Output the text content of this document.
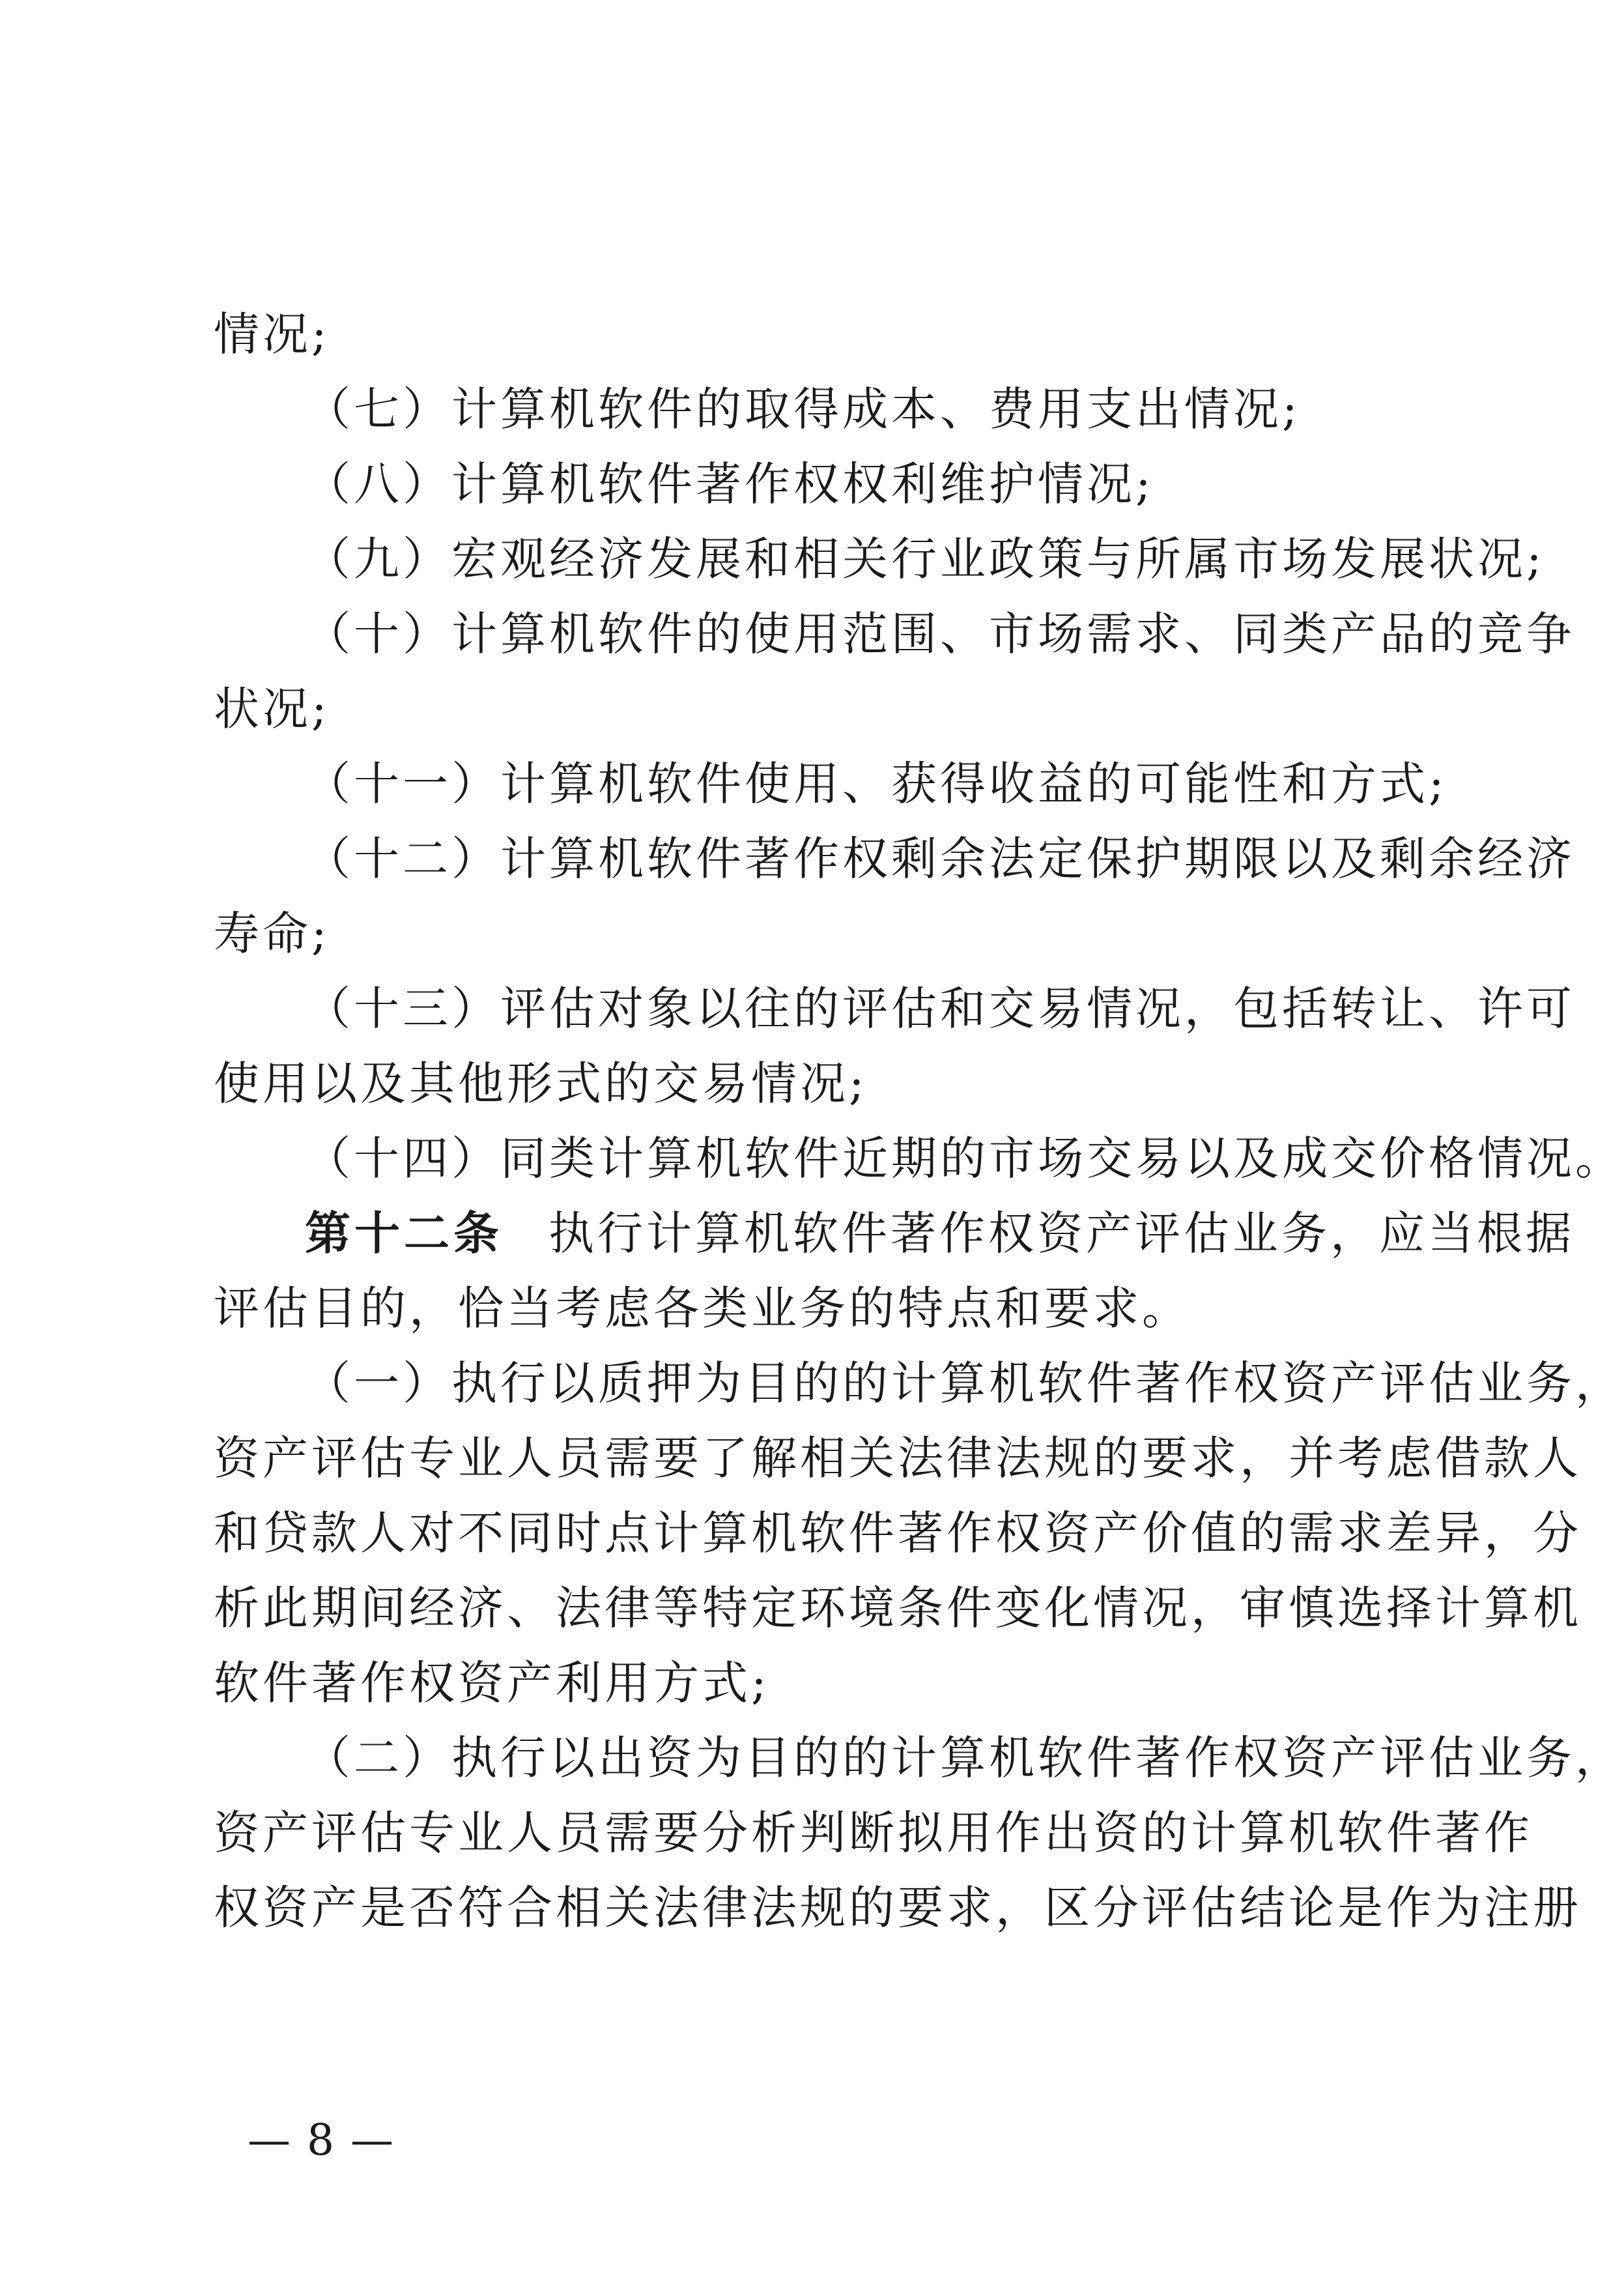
情况;
（七）计算机软件的取得成本、费用支出情况;
（八）计算机软件著作权权利维护情况;
（九）宏观经济发展和相关行业政策与所属市场发展状况;
（十）计算机软件的使用范围、市场需求、同类产品的竞争
状况;
（十一）计算机软件使用、获得收益的可能性和方式;
（十二）计算机软件著作权剩余法定保护期限以及剩余经济
寿命;
（十三）评估对象以往的评估和交易情况，包括转让、许可
使用以及其他形式的交易情况;
（十四）同类计算机软件近期的市场交易以及成交价格情况。
第十二条 执行计算机软件著作权资产评估业务，应当根据
评估目的，恰当考虑各类业务的特点和要求。
（一）执行以质押为目的的计算机软件著作权资产评估业务，
资产评估专业人员需要了解相关法律法规的要求，并考虑借款人
和贷款人对不同时点计算机软件著作权资产价值的需求差异，分
析此期间经济、法律等特定环境条件变化情况，审慎选择计算机
软件著作权资产利用方式;
（二）执行以出资为目的的计算机软件著作权资产评估业务，
资产评估专业人员需要分析判断拟用作出资的计算机软件著作
权资产是否符合相关法律法规的要求，区分评估结论是作为注册
— 8 —
